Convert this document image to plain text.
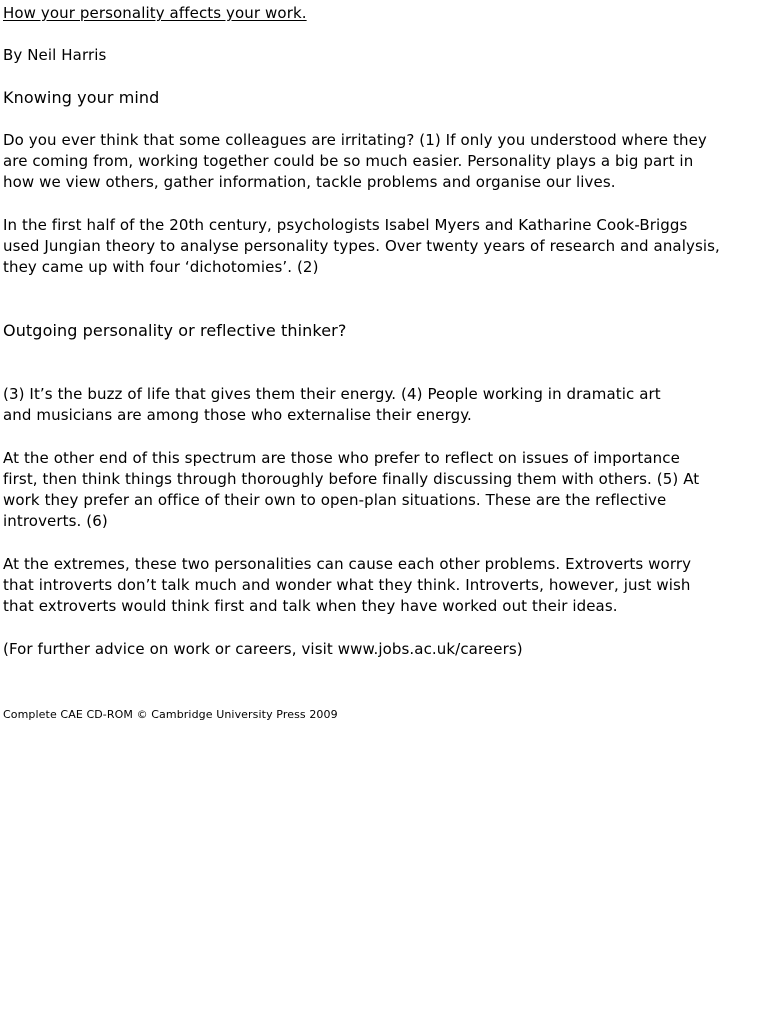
How your personality affects your work.
By Neil Harris
Knowing your mind
Do you ever think that some colleagues are irritating? (1) If only you understood where they
are coming from, working together could be so much easier. Personality plays a big part in
how we view others, gather information, tackle problems and organise our lives.
In the first half of the 20th century, psychologists Isabel Myers and Katharine Cook-Briggs
used Jungian theory to analyse personality types. Over twenty years of research and analysis,
they came up with four ‘dichotomies’. (2)
Outgoing personality or reflective thinker?
(3) It’s the buzz of life that gives them their energy. (4) People working in dramatic art
and musicians are among those who externalise their energy.
At the other end of this spectrum are those who prefer to reflect on issues of importance
first, then think things through thoroughly before finally discussing them with others. (5) At
work they prefer an office of their own to open-plan situations. These are the reflective
introverts. (6)
At the extremes, these two personalities can cause each other problems. Extroverts worry
that introverts don’t talk much and wonder what they think. Introverts, however, just wish
that extroverts would think first and talk when they have worked out their ideas.
(For further advice on work or careers, visit www.jobs.ac.uk/careers)
Complete CAE CD-ROM © Cambridge University Press 2009
